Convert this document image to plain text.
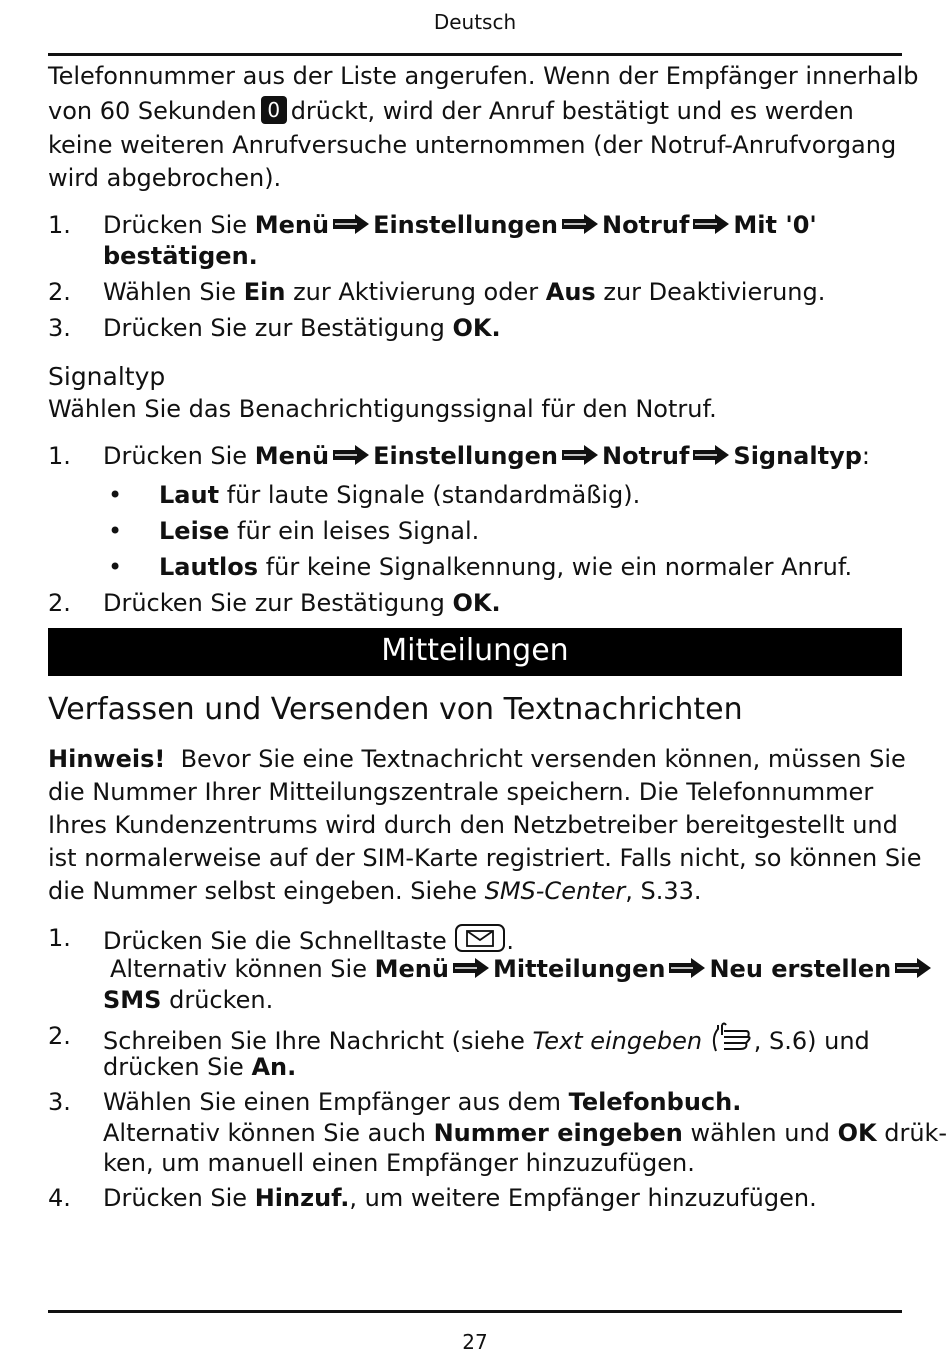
Deutsch
Telefonnummer aus der Liste angerufen. Wenn der Empfänger innerhalb
von 60 Sekunden 0 drückt, wird der Anruf bestätigt und es werden
keine weiteren Anrufversuche unternommen (der Notruf-Anrufvorgang
wird abgebrochen).
1. Drücken Sie Menü Einstellungen Notruf Mit '0'
bestätigen.
2. Wählen Sie Ein zur Aktivierung oder Aus zur Deaktivierung.
3. Drücken Sie zur Bestätigung OK.
Signaltyp
Wählen Sie das Benachrichtigungssignal für den Notruf.
1. Drücken Sie Menü Einstellungen Notruf Signaltyp:
• Laut für laute Signale (standardmäßig).
• Leise für ein leises Signal.
• Lautlos für keine Signalkennung, wie ein normaler Anruf.
2. Drücken Sie zur Bestätigung OK.
Mitteilungen
Verfassen und Versenden von Textnachrichten
Hinweis! Bevor Sie eine Textnachricht versenden können, müssen Sie
die Nummer Ihrer Mitteilungszentrale speichern. Die Telefonnummer
Ihres Kundenzentrums wird durch den Netzbetreiber bereitgestellt und
ist normalerweise auf der SIM-Karte registriert. Falls nicht, so können Sie
die Nummer selbst eingeben. Siehe SMS-Center, S.33.
1. Drücken Sie die Schnelltaste .
Alternativ können Sie Menü Mitteilungen Neu erstellen
SMS drücken.
2. Schreiben Sie Ihre Nachricht (siehe Text eingeben , S.6) und
drücken Sie An.
3. Wählen Sie einen Empfänger aus dem Telefonbuch.
Alternativ können Sie auch Nummer eingeben wählen und OK drük-
ken, um manuell einen Empfänger hinzuzufügen.
4. Drücken Sie Hinzuf., um weitere Empfänger hinzuzufügen.
27
